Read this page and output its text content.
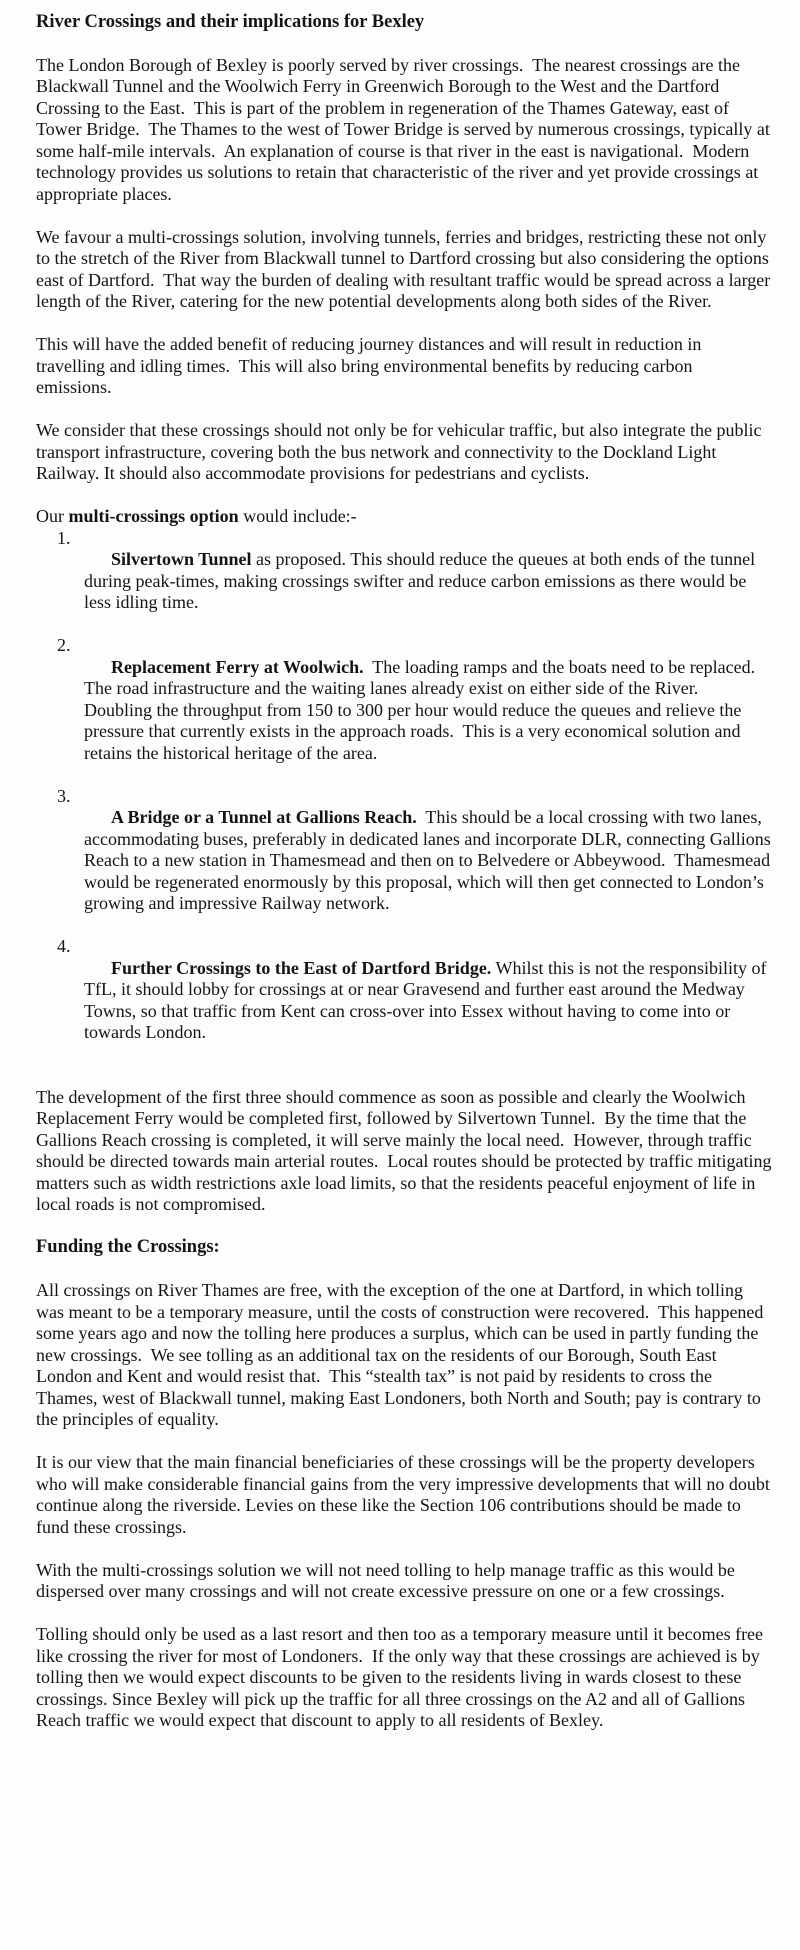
River Crossings and their implications for Bexley

The London Borough of Bexley is poorly served by river crossings.  The nearest crossings are the Blackwall Tunnel and the Woolwich Ferry in Greenwich Borough to the West and the Dartford Crossing to the East.  This is part of the problem in regeneration of the Thames Gateway, east of Tower Bridge.  The Thames to the west of Tower Bridge is served by numerous crossings, typically at some half-mile intervals.  An explanation of course is that river in the east is navigational.  Modern technology provides us solutions to retain that characteristic of the river and yet provide crossings at appropriate places.

We favour a multi-crossings solution, involving tunnels, ferries and bridges, restricting these not only to the stretch of the River from Blackwall tunnel to Dartford crossing but also considering the options east of Dartford.  That way the burden of dealing with resultant traffic would be spread across a larger length of the River, catering for the new potential developments along both sides of the River.

This will have the added benefit of reducing journey distances and will result in reduction in travelling and idling times.  This will also bring environmental benefits by reducing carbon emissions.

We consider that these crossings should not only be for vehicular traffic, but also integrate the public transport infrastructure, covering both the bus network and connectivity to the Dockland Light Railway. It should also accommodate provisions for pedestrians and cyclists.

Our multi-crossings option would include:-

1.
Silvertown Tunnel as proposed. This should reduce the queues at both ends of the tunnel during peak-times, making crossings swifter and reduce carbon emissions as there would be less idling time.

2.
Replacement Ferry at Woolwich.  The loading ramps and the boats need to be replaced.  The road infrastructure and the waiting lanes already exist on either side of the River.  Doubling the throughput from 150 to 300 per hour would reduce the queues and relieve the pressure that currently exists in the approach roads.  This is a very economical solution and retains the historical heritage of the area.

3.
A Bridge or a Tunnel at Gallions Reach.  This should be a local crossing with two lanes, accommodating buses, preferably in dedicated lanes and incorporate DLR, connecting Gallions Reach to a new station in Thamesmead and then on to Belvedere or Abbeywood.  Thamesmead would be regenerated enormously by this proposal, which will then get connected to London’s growing and impressive Railway network.

4.
Further Crossings to the East of Dartford Bridge. Whilst this is not the responsibility of TfL, it should lobby for crossings at or near Gravesend and further east around the Medway Towns, so that traffic from Kent can cross-over into Essex without having to come into or towards London.

The development of the first three should commence as soon as possible and clearly the Woolwich Replacement Ferry would be completed first, followed by Silvertown Tunnel.  By the time that the Gallions Reach crossing is completed, it will serve mainly the local need.  However, through traffic should be directed towards main arterial routes.  Local routes should be protected by traffic mitigating matters such as width restrictions axle load limits, so that the residents peaceful enjoyment of life in local roads is not compromised.

Funding the Crossings:

All crossings on River Thames are free, with the exception of the one at Dartford, in which tolling was meant to be a temporary measure, until the costs of construction were recovered.  This happened some years ago and now the tolling here produces a surplus, which can be used in partly funding the new crossings.  We see tolling as an additional tax on the residents of our Borough, South East London and Kent and would resist that.  This “stealth tax” is not paid by residents to cross the Thames, west of Blackwall tunnel, making East Londoners, both North and South; pay is contrary to the principles of equality.

It is our view that the main financial beneficiaries of these crossings will be the property developers who will make considerable financial gains from the very impressive developments that will no doubt continue along the riverside. Levies on these like the Section 106 contributions should be made to fund these crossings.

With the multi-crossings solution we will not need tolling to help manage traffic as this would be dispersed over many crossings and will not create excessive pressure on one or a few crossings.

Tolling should only be used as a last resort and then too as a temporary measure until it becomes free like crossing the river for most of Londoners.  If the only way that these crossings are achieved is by tolling then we would expect discounts to be given to the residents living in wards closest to these crossings. Since Bexley will pick up the traffic for all three crossings on the A2 and all of Gallions Reach traffic we would expect that discount to apply to all residents of Bexley.
